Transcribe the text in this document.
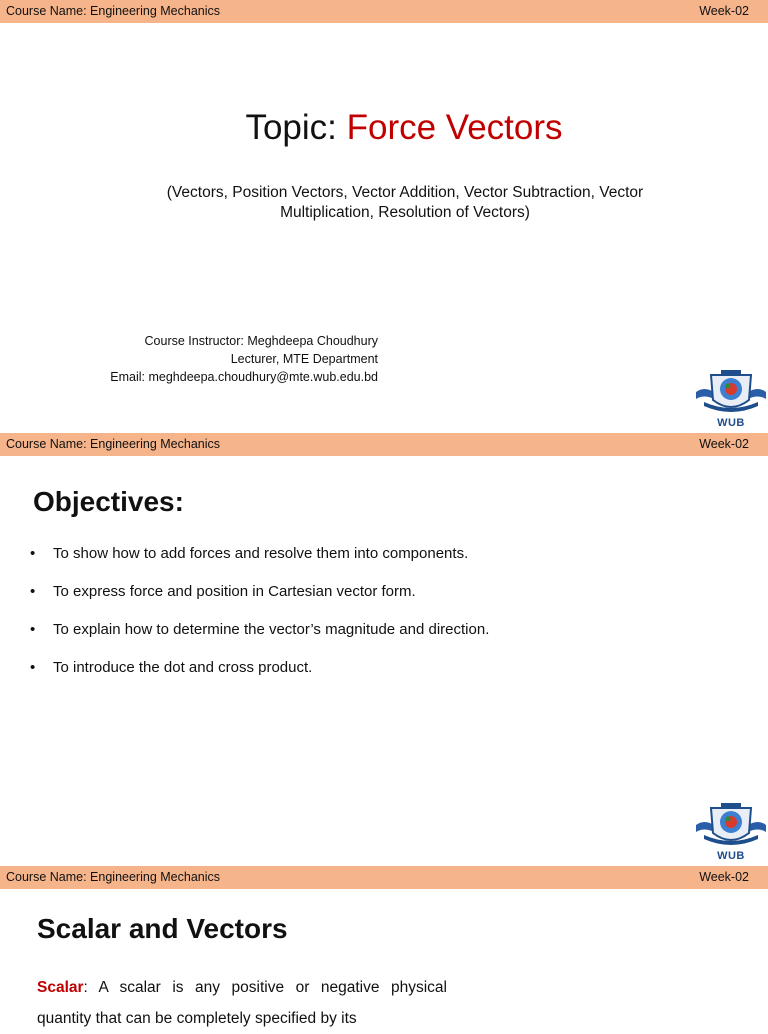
Course Name: Engineering Mechanics	Week-02
Topic: Force Vectors
(Vectors, Position Vectors, Vector Addition, Vector Subtraction, Vector
Multiplication, Resolution of Vectors)
Course Instructor: Meghdeepa Choudhury
Lecturer, MTE Department
Email: meghdeepa.choudhury@mte.wub.edu.bd
WUB
Course Name: Engineering Mechanics	Week-02
Objectives:
• To show how to add forces and resolve them into components.
• To express force and position in Cartesian vector form.
• To explain how to determine the vector’s magnitude and direction.
• To introduce the dot and cross product.
WUB
Course Name: Engineering Mechanics	Week-02
Scalar and Vectors
Scalar: A scalar is any positive or negative physical quantity that can be completely specified by its
